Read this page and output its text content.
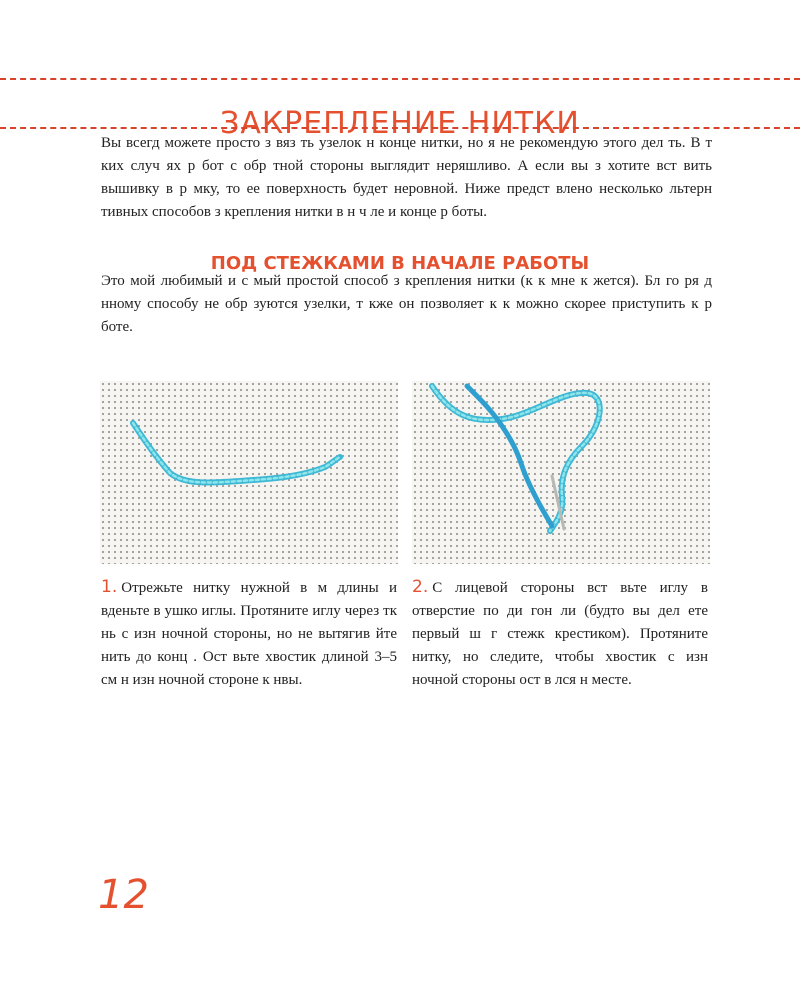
ЗАКРЕПЛЕНИЕ НИТКИ

Вы всегд можете просто з вяз ть узелок н конце нитки, но я не рекомендую этого дел ть. В т ких случ ях р бот с обр тной стороны выглядит неряшливо. А если вы з хотите вст вить вышивку в р мку, то ее поверхность будет неровной. Ниже предст влено несколько льтерн тивных способов з крепления нитки в н ч ле и конце р боты.

ПОД СТЕЖКАМИ В НАЧАЛЕ РАБОТЫ

Это мой любимый и с мый простой способ з крепления нитки (к к мне к жется). Бл го ря д нному способу не обр зуются узелки, т кже он позволяет к к можно скорее приступить к р боте.

1. Отрежьте нитку нужной в м длины и вденьте в ушко иглы. Протяните иглу через тк нь с изн ночной стороны, но не вытягив йте нить до конц . Ост вьте хвостик длиной 3–5 см н изн ночной стороне к нвы.

2. С лицевой стороны вст вьте иглу в отверстие по ди гон ли (будто вы дел ете первый ш г стежк крестиком). Протяните нитку, но следите, чтобы хвостик с изн ночной стороны ост в лся н месте.

12
